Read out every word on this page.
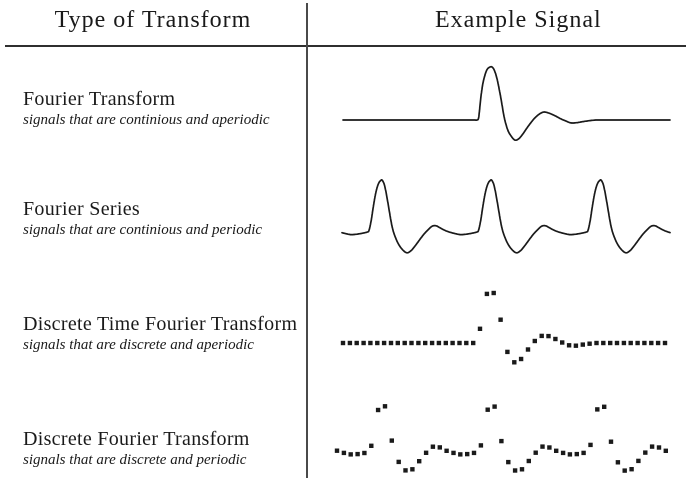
Type of Transform	Example Signal
Fourier Transform
signals that are continious and aperiodic
Fourier Series
signals that are continious and periodic
Discrete Time Fourier Transform
signals that are discrete and aperiodic
Discrete Fourier Transform
signals that are discrete and periodic
